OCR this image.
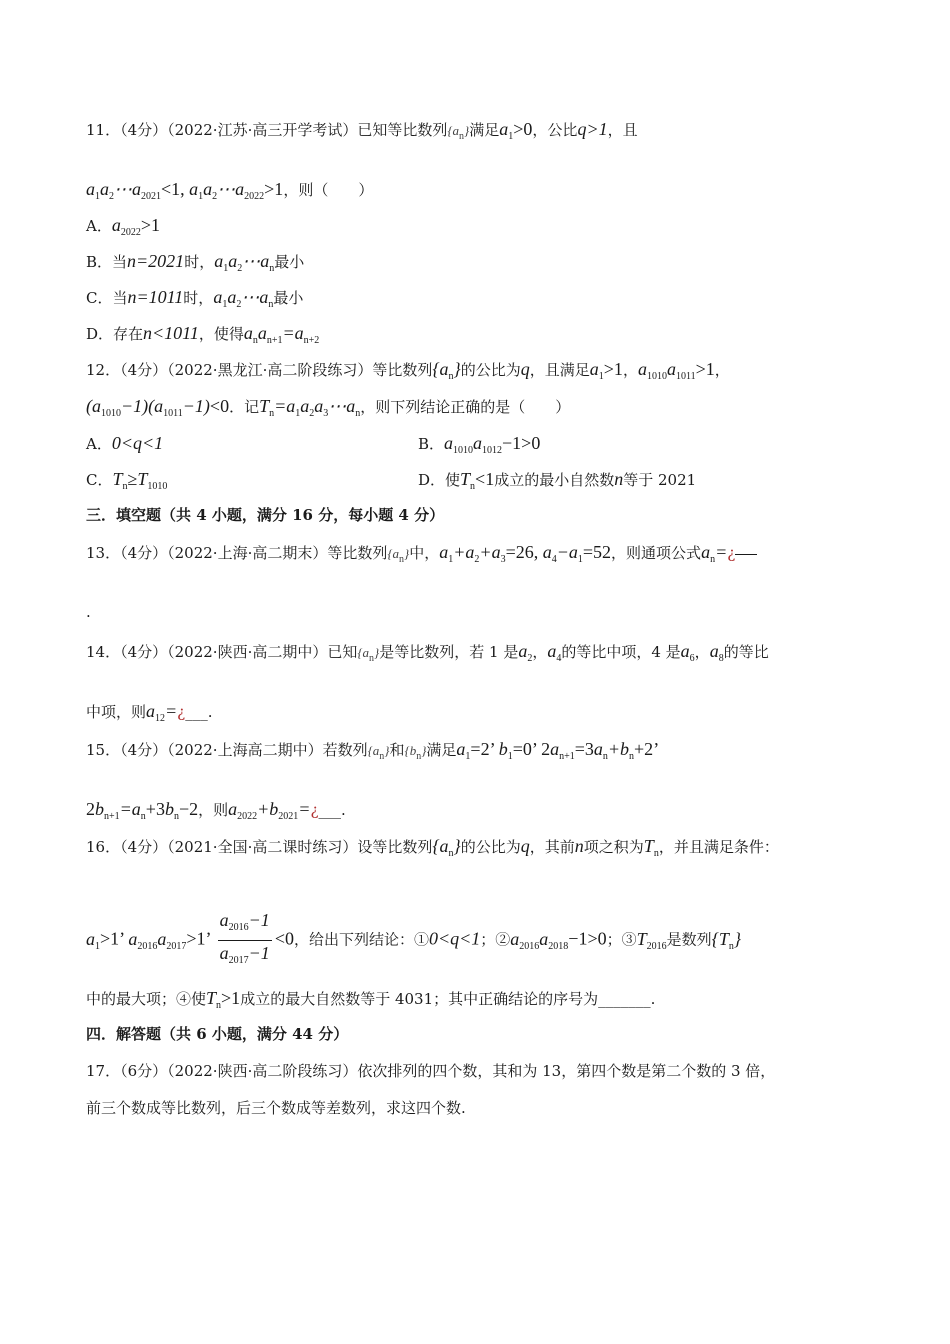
11．（4分）（2022·江苏·高三开学考试）已知等比数列$\{a_n\}$满足$a_1>0$，公比q>1，且
$a_1a_2\cdots a_{2021}<1$, $a_1a_2\cdots a_{2022}>1$，则（　　）
A．$a_{2022}>1$
B．当n=2021时，$a_1a_2\cdots a_n$最小
C．当n=1011时，$a_1a_2\cdots a_n$最小
D．存在n<1011，使得$a_na_{n+1}=a_{n+2}$
12．（4分）（2022·黑龙江·高二阶段练习）等比数列$\{a_n\}$的公比为q，且满足$a_1>1$，$a_{1010}a_{1011}>1$，
$(a_{1010}-1)(a_{1011}-1)<0$．记$T_n=a_1a_2a_3\cdots a_n$，则下列结论正确的是（　　）
A．0<q<1	B．$a_{1010}a_{1012}-1>0$
C．$T_n\ge T_{1010}$	D．使$T_n<1$成立的最小自然数n等于 2021
三．填空题（共 4 小题，满分 16 分，每小题 4 分）
13．（4分）（2022·上海·高二期末）等比数列$\{a_n\}$中，$a_1+a_2+a_3=26$, $a_4-a_1=52$，则通项公式$a_n=¿$
.
14．（4分）（2022·陕西·高二期中）已知$\{a_n\}$是等比数列，若 1 是$a_2$，$a_4$的等比中项，4 是$a_6$，$a_8$的等比
中项，则$a_{12}=¿\_\_\_$.
15．（4分）（2022·上海高二期中）若数列$\{a_n\}$和$\{b_n\}$满足$a_1=2$’ $b_1=0$’ $2a_{n+1}=3a_n+b_n+2$’
$2b_{n+1}=a_n+3b_n-2$，则$a_{2022}+b_{2021}=¿\_\_\_$.
16．（4分）（2021·全国·高二课时练习）设等比数列$\{a_n\}$的公比为q，其前n项之积为$T_n$，并且满足条件：
$a_1>1$’ $a_{2016}a_{2017}>1$’ $\frac{a_{2016}-1}{a_{2017}-1} <0$，给出下列结论：①0<q<1；$②a_{2016}a_{2018}-1>0$；$③T_{2016}$是数列$\{T_n\}$
中的最大项；④使$T_n>1$成立的最大自然数等于 4031；其中正确结论的序号为_______.
四．解答题（共 6 小题，满分 44 分）
17．（6分）（2022·陕西·高二阶段练习）依次排列的四个数，其和为 13，第四个数是第二个数的 3 倍，
前三个数成等比数列，后三个数成等差数列，求这四个数.
